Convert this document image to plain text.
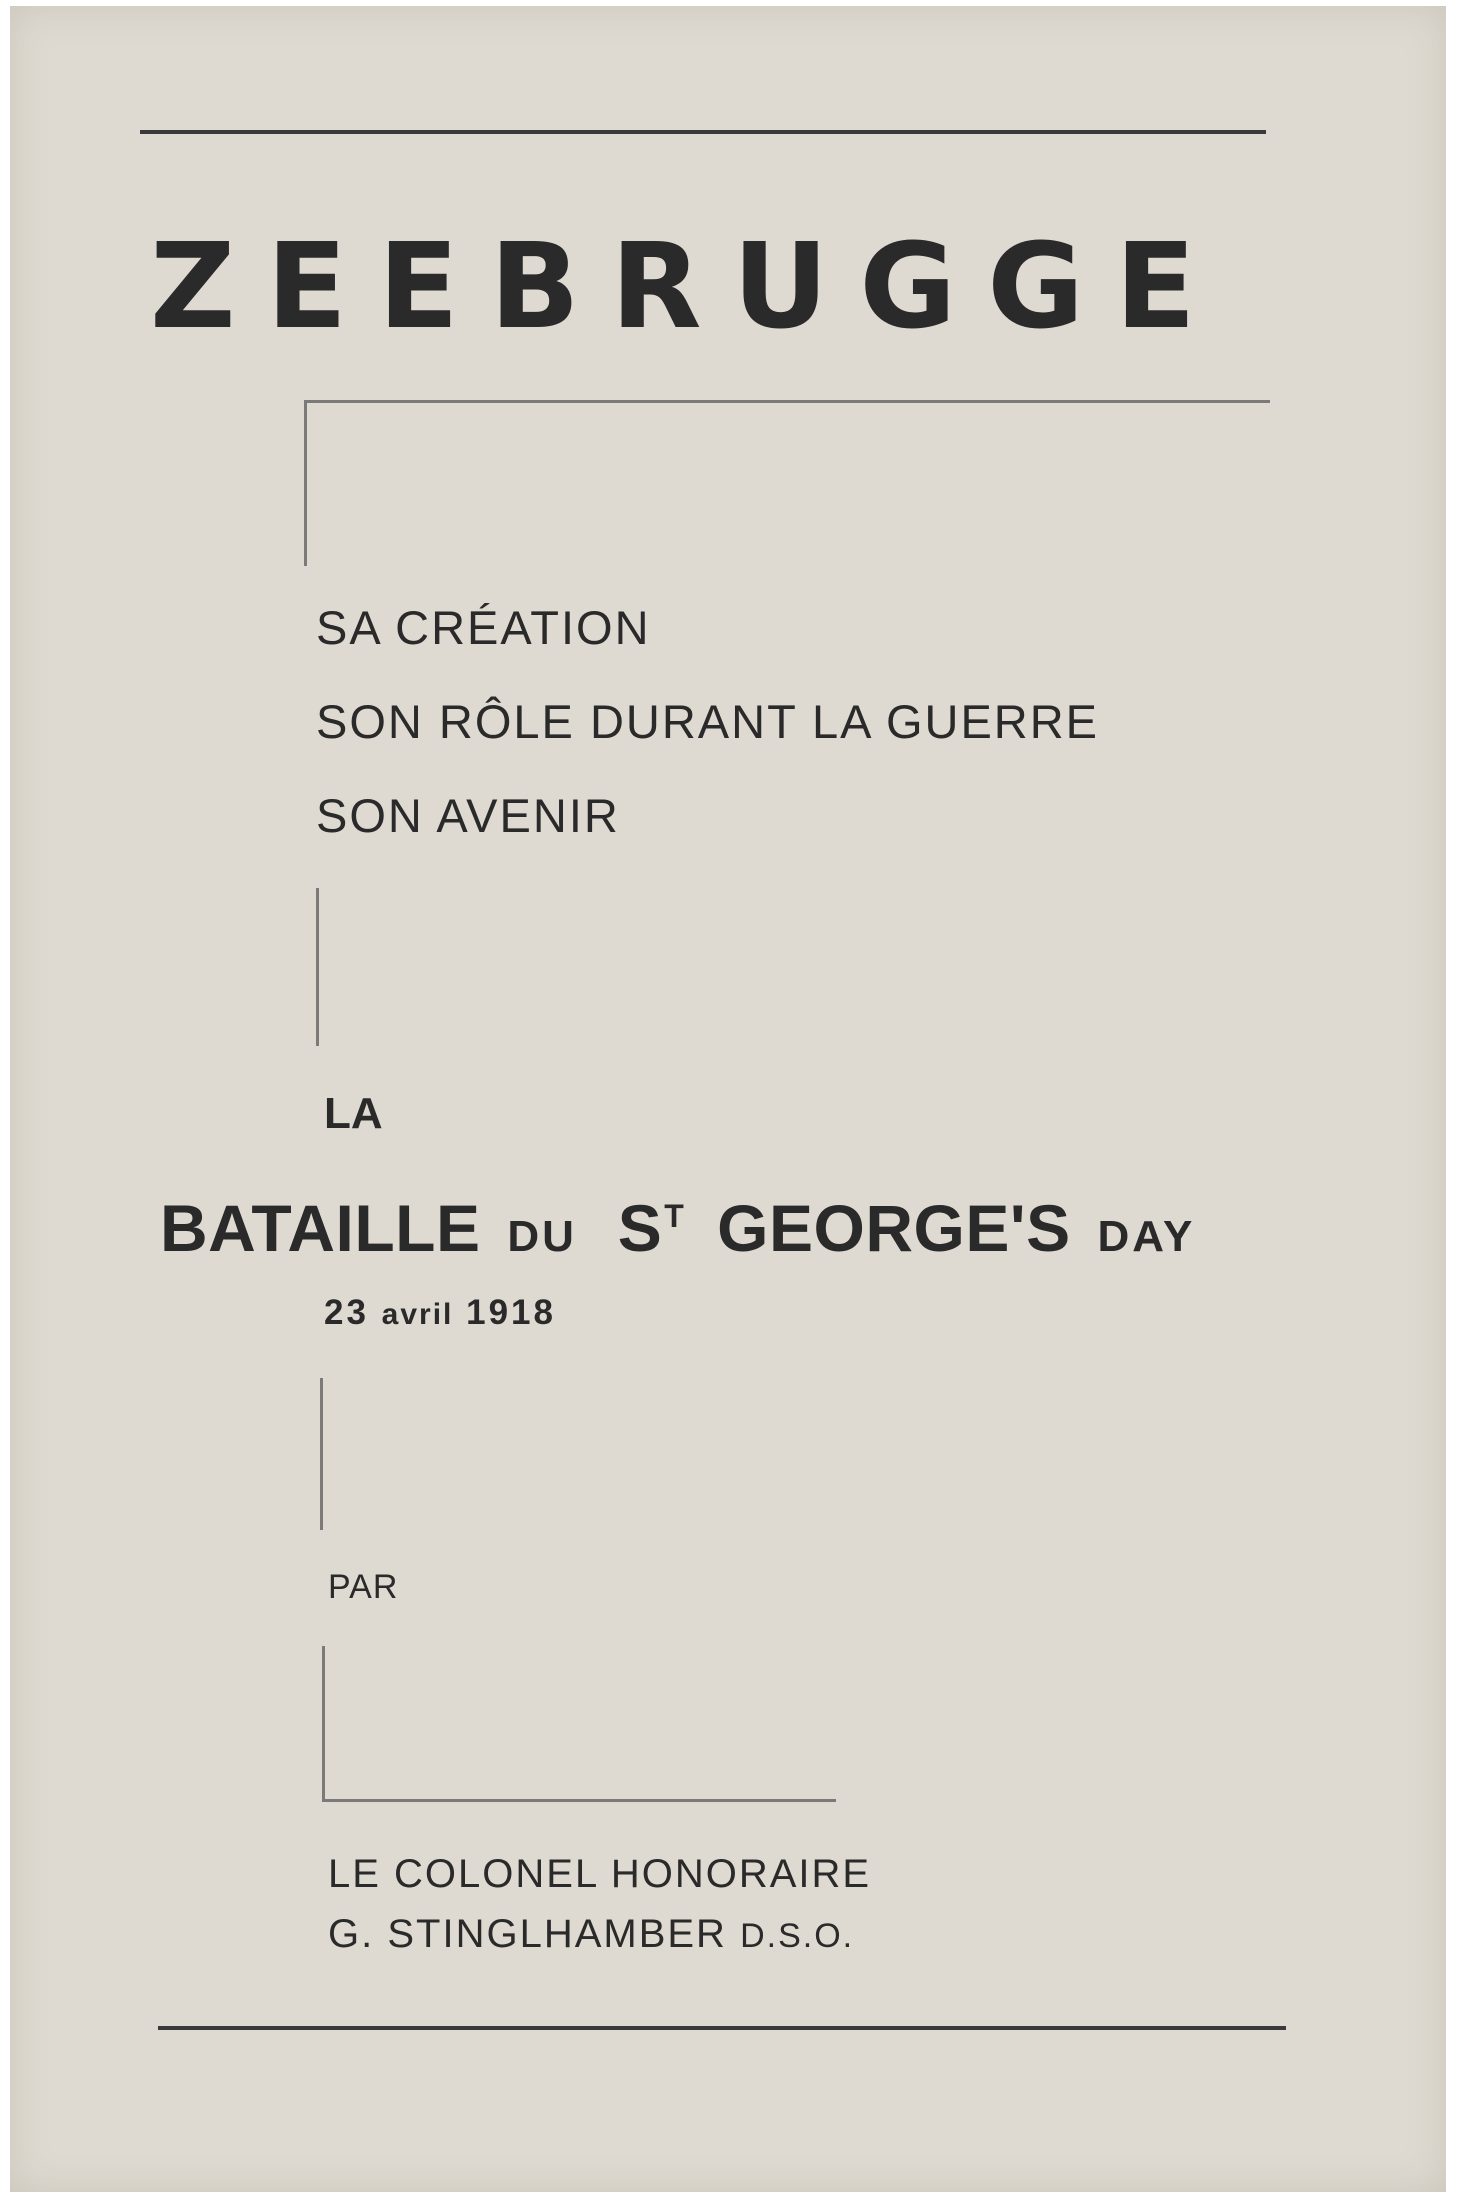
ZEEBRUGGE
SA CRÉATION
SON RÔLE DURANT LA GUERRE
SON AVENIR
LA
BATAILLE DU $S^T$ GEORGE'S DAY
23 avril 1918
PAR
LE COLONEL HONORAIRE
G. STINGLHAMBER D.S.O.
